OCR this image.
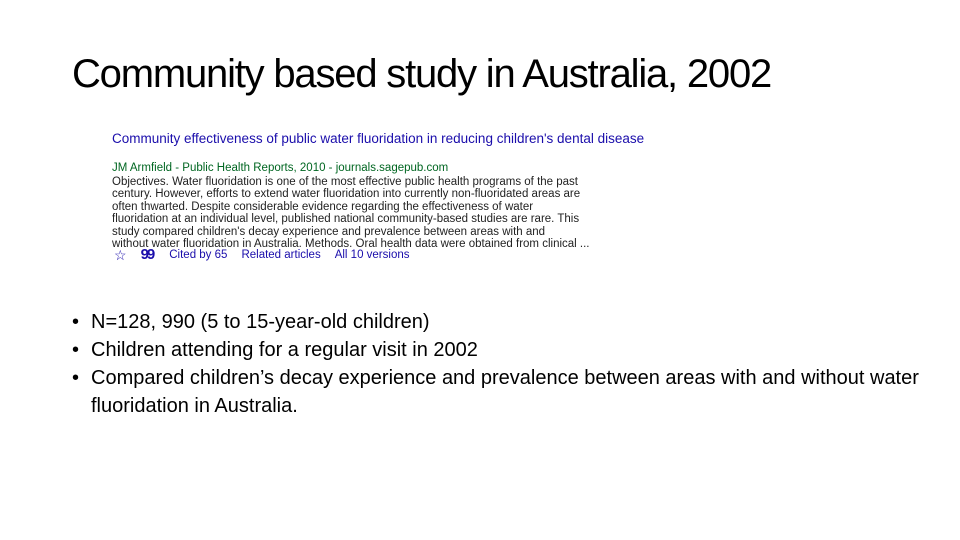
Community based study in Australia, 2002
Community effectiveness of public water fluoridation in reducing children's dental disease
JM Armfield - Public Health Reports, 2010 - journals.sagepub.com
Objectives. Water fluoridation is one of the most effective public health programs of the past
century. However, efforts to extend water fluoridation into currently non-fluoridated areas are
often thwarted. Despite considerable evidence regarding the effectiveness of water
fluoridation at an individual level, published national community-based studies are rare. This
study compared children's decay experience and prevalence between areas with and
without water fluoridation in Australia. Methods. Oral health data were obtained from clinical ...
☆ 99 Cited by 65 Related articles All 10 versions
• N=128, 990 (5 to 15-year-old children)
• Children attending for a regular visit in 2002
• Compared children’s decay experience and prevalence between areas with and without water fluoridation in Australia.
